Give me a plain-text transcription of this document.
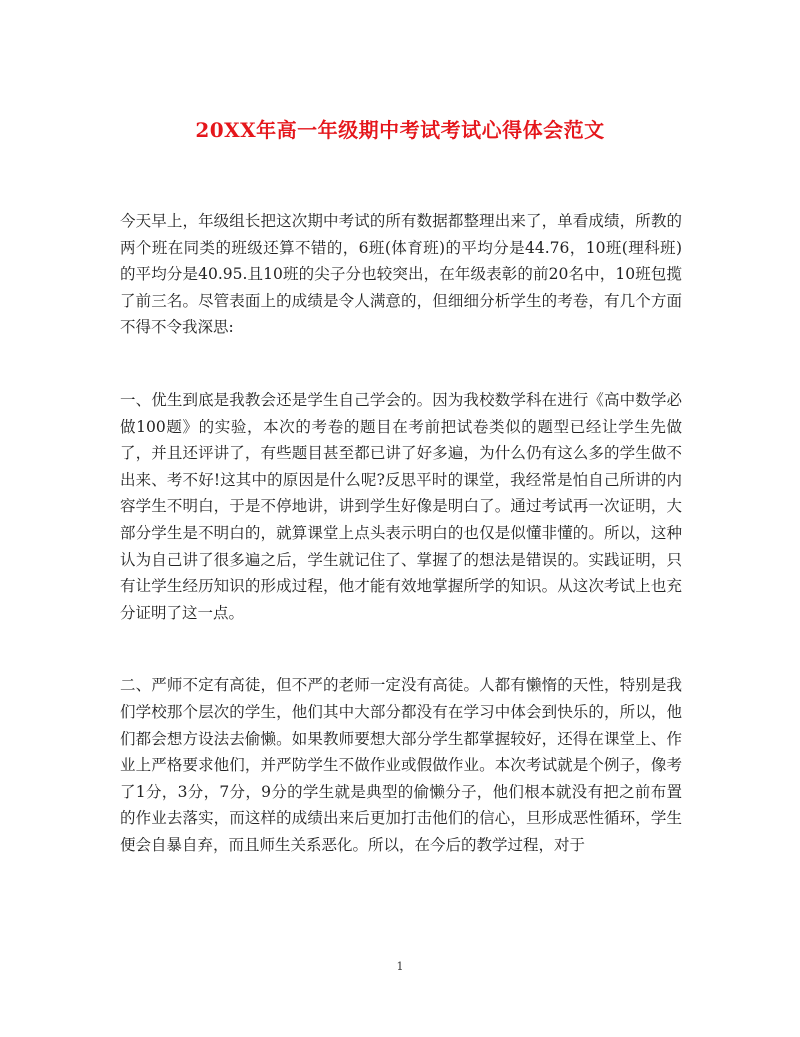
20XX年高一年级期中考试考试心得体会范文

今天早上，年级组长把这次期中考试的所有数据都整理出来了，单看成绩，所教的两个班在同类的班级还算不错的，6班(体育班)的平均分是44.76，10班(理科班)的平均分是40.95.且10班的尖子分也较突出，在年级表彰的前20名中，10班包揽了前三名。尽管表面上的成绩是令人满意的，但细细分析学生的考卷，有几个方面不得不令我深思:

一、优生到底是我教会还是学生自己学会的。因为我校数学科在进行《高中数学必做100题》的实验，本次的考卷的题目在考前把试卷类似的题型已经让学生先做了，并且还评讲了，有些题目甚至都已讲了好多遍，为什么仍有这么多的学生做不出来、考不好!这其中的原因是什么呢?反思平时的课堂，我经常是怕自己所讲的内容学生不明白，于是不停地讲，讲到学生好像是明白了。通过考试再一次证明，大部分学生是不明白的，就算课堂上点头表示明白的也仅是似懂非懂的。所以，这种认为自己讲了很多遍之后，学生就记住了、掌握了的想法是错误的。实践证明，只有让学生经历知识的形成过程，他才能有效地掌握所学的知识。从这次考试上也充分证明了这一点。

二、严师不定有高徒，但不严的老师一定没有高徒。人都有懒惰的天性，特别是我们学校那个层次的学生，他们其中大部分都没有在学习中体会到快乐的，所以，他们都会想方设法去偷懒。如果教师要想大部分学生都掌握较好，还得在课堂上、作业上严格要求他们，并严防学生不做作业或假做作业。本次考试就是个例子，像考了1分，3分，7分，9分的学生就是典型的偷懒分子，他们根本就没有把之前布置的作业去落实，而这样的成绩出来后更加打击他们的信心，旦形成恶性循环，学生便会自暴自弃，而且师生关系恶化。所以，在今后的教学过程，对于

1
